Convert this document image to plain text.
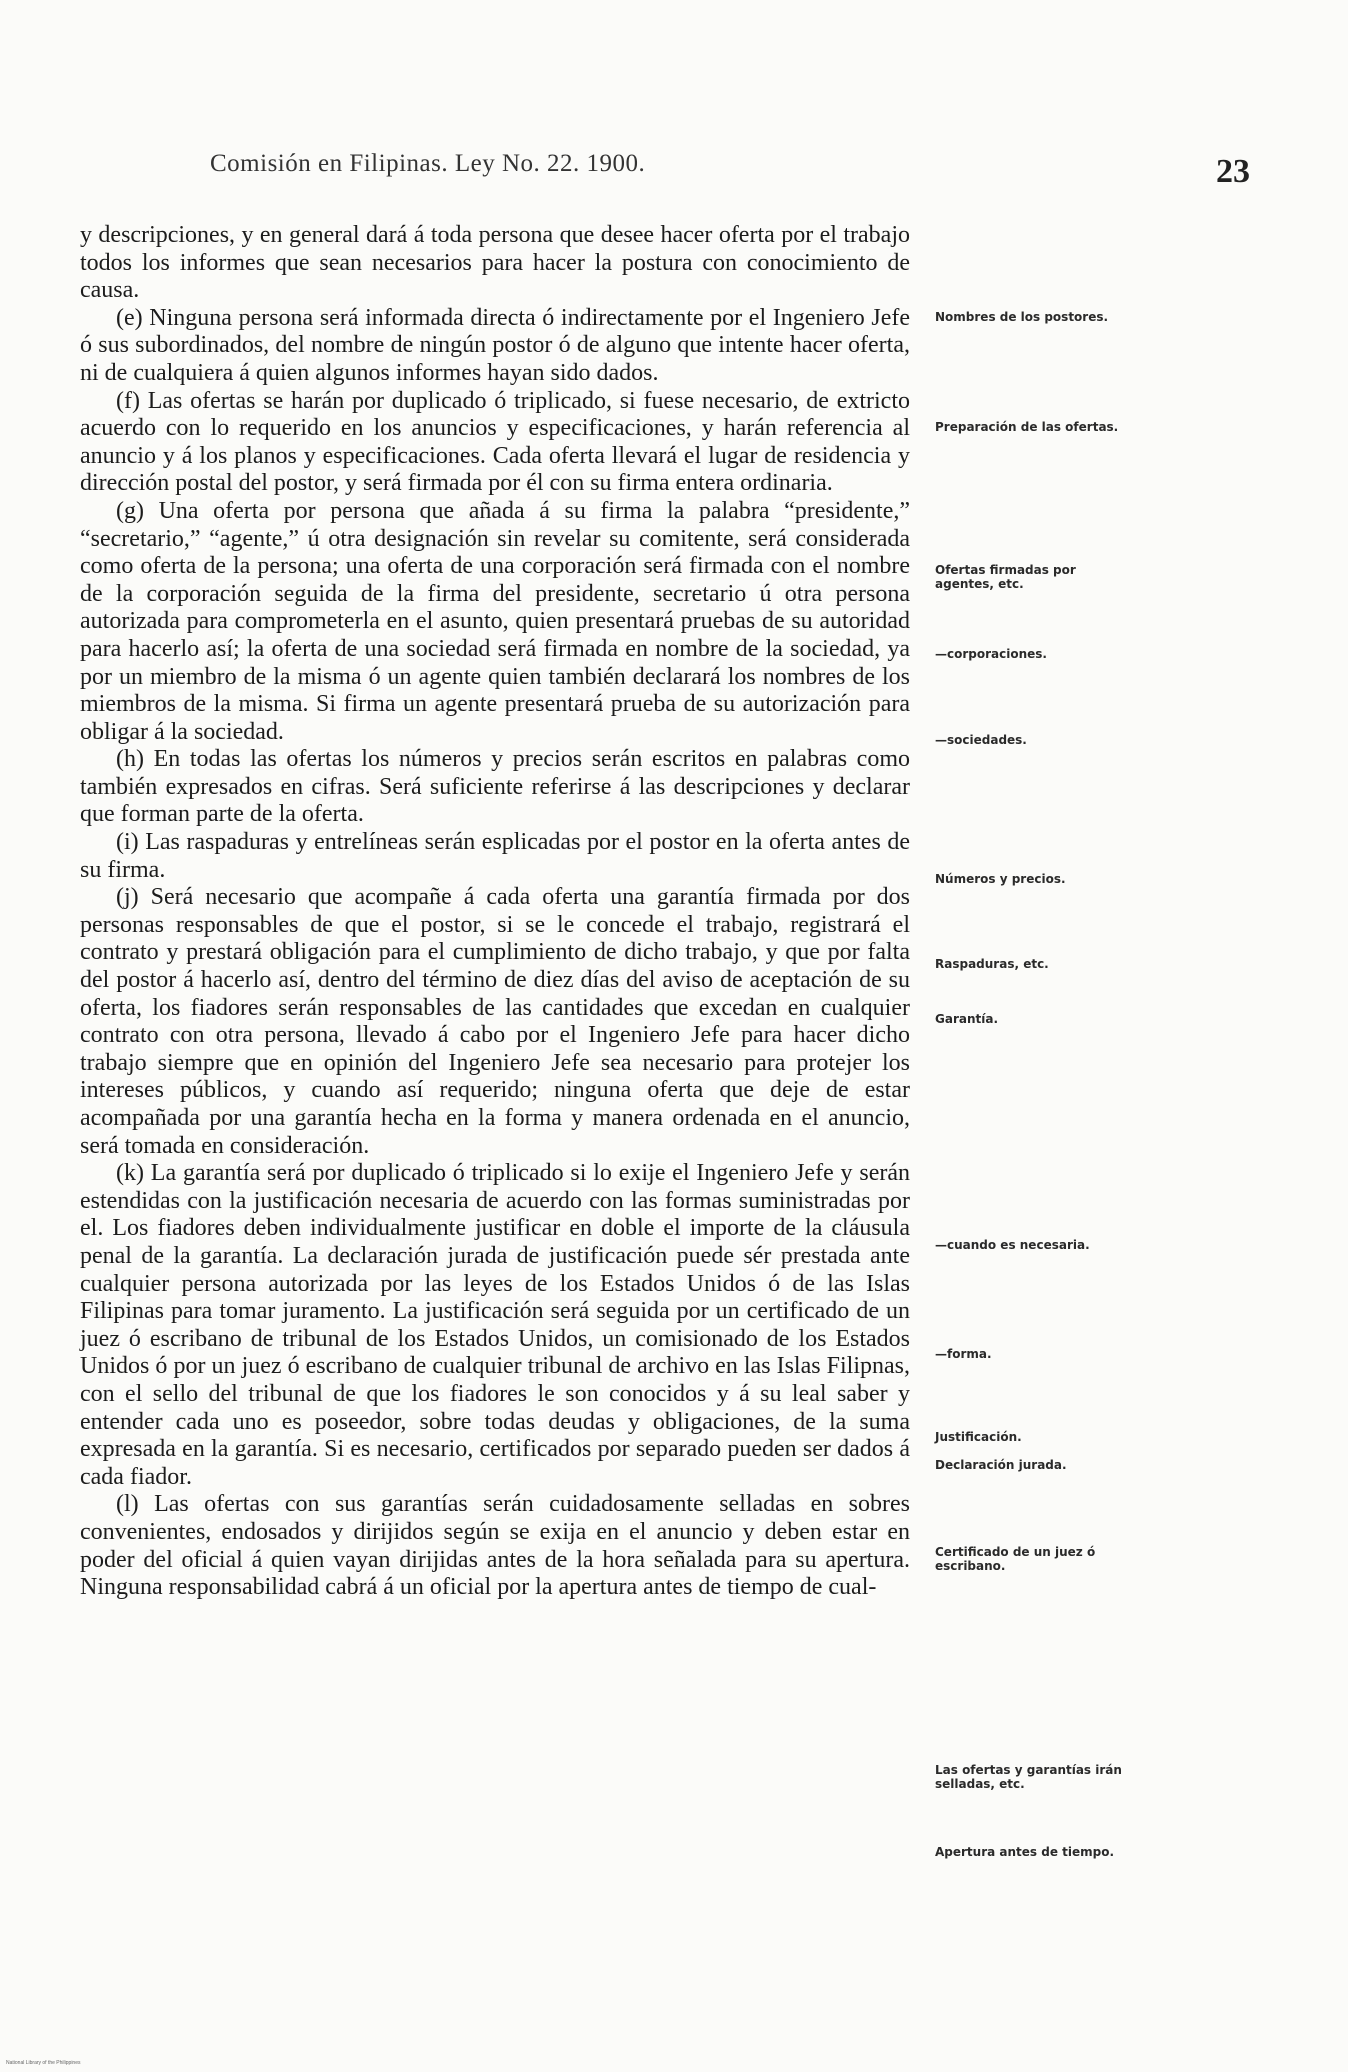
Comisión en Filipinas. Ley No. 22. 1900.	23

y descripciones, y en general dará á toda persona que desee hacer oferta por el trabajo todos los informes que sean necesarios para hacer la postura con conocimiento de causa.

(e) Ninguna persona será informada directa ó indirectamente por el Ingeniero Jefe ó sus subordinados, del nombre de ningún postor ó de alguno que intente hacer oferta, ni de cualquiera á quien algunos informes hayan sido dados.

(f) Las ofertas se harán por duplicado ó triplicado, si fuese necesario, de extricto acuerdo con lo requerido en los anuncios y especificaciones, y harán referencia al anuncio y á los planos y especificaciones. Cada oferta llevará el lugar de residencia y dirección postal del postor, y será firmada por él con su firma entera ordinaria.

(g) Una oferta por persona que añada á su firma la palabra “presidente,” “secretario,” “agente,” ú otra designación sin revelar su comitente, será considerada como oferta de la persona; una oferta de una corporación será firmada con el nombre de la corporación seguida de la firma del presidente, secretario ú otra persona autorizada para comprometerla en el asunto, quien presentará pruebas de su autoridad para hacerlo así; la oferta de una sociedad será firmada en nombre de la sociedad, ya por un miembro de la misma ó un agente quien también declarará los nombres de los miembros de la misma. Si firma un agente presentará prueba de su autorización para obligar á la sociedad.

(h) En todas las ofertas los números y precios serán escritos en palabras como también expresados en cifras. Será suficiente referirse á las descripciones y declarar que forman parte de la oferta.

(i) Las raspaduras y entrelíneas serán esplicadas por el postor en la oferta antes de su firma.

(j) Será necesario que acompañe á cada oferta una garantía firmada por dos personas responsables de que el postor, si se le concede el trabajo, registrará el contrato y prestará obligación para el cumplimiento de dicho trabajo, y que por falta del postor á hacerlo así, dentro del término de diez días del aviso de aceptación de su oferta, los fiadores serán responsables de las cantidades que excedan en cualquier contrato con otra persona, llevado á cabo por el Ingeniero Jefe para hacer dicho trabajo siempre que en opinión del Ingeniero Jefe sea necesario para protejer los intereses públicos, y cuando así requerido; ninguna oferta que deje de estar acompañada por una garantía hecha en la forma y manera ordenada en el anuncio, será tomada en consideración.

(k) La garantía será por duplicado ó triplicado si lo exije el Ingeniero Jefe y serán estendidas con la justificación necesaria de acuerdo con las formas suministradas por el. Los fiadores deben individualmente justificar en doble el importe de la cláusula penal de la garantía. La declaración jurada de justificación puede sér prestada ante cualquier persona autorizada por las leyes de los Estados Unidos ó de las Islas Filipinas para tomar juramento. La justificación será seguida por un certificado de un juez ó escribano de tribunal de los Estados Unidos, un comisionado de los Estados Unidos ó por un juez ó escribano de cualquier tribunal de archivo en las Islas Filipnas, con el sello del tribunal de que los fiadores le son conocidos y á su leal saber y entender cada uno es poseedor, sobre todas deudas y obligaciones, de la suma expresada en la garantía. Si es necesario, certificados por separado pueden ser dados á cada fiador.

(l) Las ofertas con sus garantías serán cuidadosamente selladas en sobres convenientes, endosados y dirijidos según se exija en el anuncio y deben estar en poder del oficial á quien vayan dirijidas antes de la hora señalada para su apertura. Ninguna responsabilidad cabrá á un oficial por la apertura antes de tiempo de cual-

Nombres de los postores.
Preparación de las ofertas.
Ofertas firmadas por agentes, etc.
—corporaciones.
—sociedades.
Números y precios.
Raspaduras, etc.
Garantía.
—cuando es necesaria.
—forma.
Justificación.
Declaración jurada.
Certificado de un juez ó escribano.
Las ofertas y garantías irán selladas, etc.
Apertura antes de tiempo.
National Library of the Philippines
